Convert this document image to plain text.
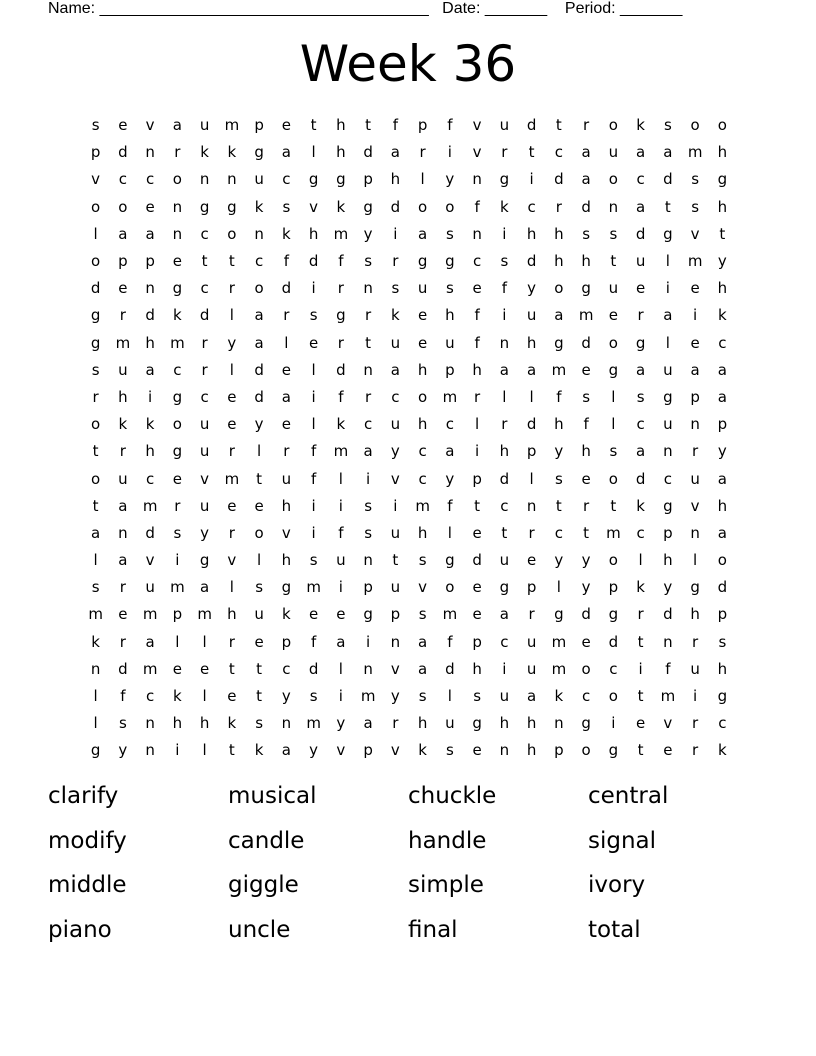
Name: _____________________________________   Date: _______    Period: _______
Week 36
s	e	v	a	u	m	p	e	t	h	t	f	p	f	v	u	d	t	r	o	k	s	o	o
p	d	n	r	k	k	g	a	l	h	d	a	r	i	v	r	t	c	a	u	a	a	m	h
v	c	c	o	n	n	u	c	g	g	p	h	l	y	n	g	i	d	a	o	c	d	s	g
o	o	e	n	g	g	k	s	v	k	g	d	o	o	f	k	c	r	d	n	a	t	s	h
l	a	a	n	c	o	n	k	h	m	y	i	a	s	n	i	h	h	s	s	d	g	v	t
o	p	p	e	t	t	c	f	d	f	s	r	g	g	c	s	d	h	h	t	u	l	m	y
d	e	n	g	c	r	o	d	i	r	n	s	u	s	e	f	y	o	g	u	e	i	e	h
g	r	d	k	d	l	a	r	s	g	r	k	e	h	f	i	u	a	m	e	r	a	i	k
g	m	h	m	r	y	a	l	e	r	t	u	e	u	f	n	h	g	d	o	g	l	e	c
s	u	a	c	r	l	d	e	l	d	n	a	h	p	h	a	a	m	e	g	a	u	a	a
r	h	i	g	c	e	d	a	i	f	r	c	o	m	r	l	l	f	s	l	s	g	p	a
o	k	k	o	u	e	y	e	l	k	c	u	h	c	l	r	d	h	f	l	c	u	n	p
t	r	h	g	u	r	l	r	f	m	a	y	c	a	i	h	p	y	h	s	a	n	r	y
o	u	c	e	v	m	t	u	f	l	i	v	c	y	p	d	l	s	e	o	d	c	u	a
t	a	m	r	u	e	e	h	i	i	s	i	m	f	t	c	n	t	r	t	k	g	v	h
a	n	d	s	y	r	o	v	i	f	s	u	h	l	e	t	r	c	t	m	c	p	n	a
l	a	v	i	g	v	l	h	s	u	n	t	s	g	d	u	e	y	y	o	l	h	l	o
s	r	u	m	a	l	s	g	m	i	p	u	v	o	e	g	p	l	y	p	k	y	g	d
m	e	m	p	m	h	u	k	e	e	g	p	s	m	e	a	r	g	d	g	r	d	h	p
k	r	a	l	l	r	e	p	f	a	i	n	a	f	p	c	u	m	e	d	t	n	r	s
n	d	m	e	e	t	t	c	d	l	n	v	a	d	h	i	u	m	o	c	i	f	u	h
l	f	c	k	l	e	t	y	s	i	m	y	s	l	s	u	a	k	c	o	t	m	i	g
l	s	n	h	h	k	s	n	m	y	a	r	h	u	g	h	h	n	g	i	e	v	r	c
g	y	n	i	l	t	k	a	y	v	p	v	k	s	e	n	h	p	o	g	t	e	r	k
clarify	musical	chuckle	central
modify	candle	handle	signal
middle	giggle	simple	ivory
piano	uncle	final	total
